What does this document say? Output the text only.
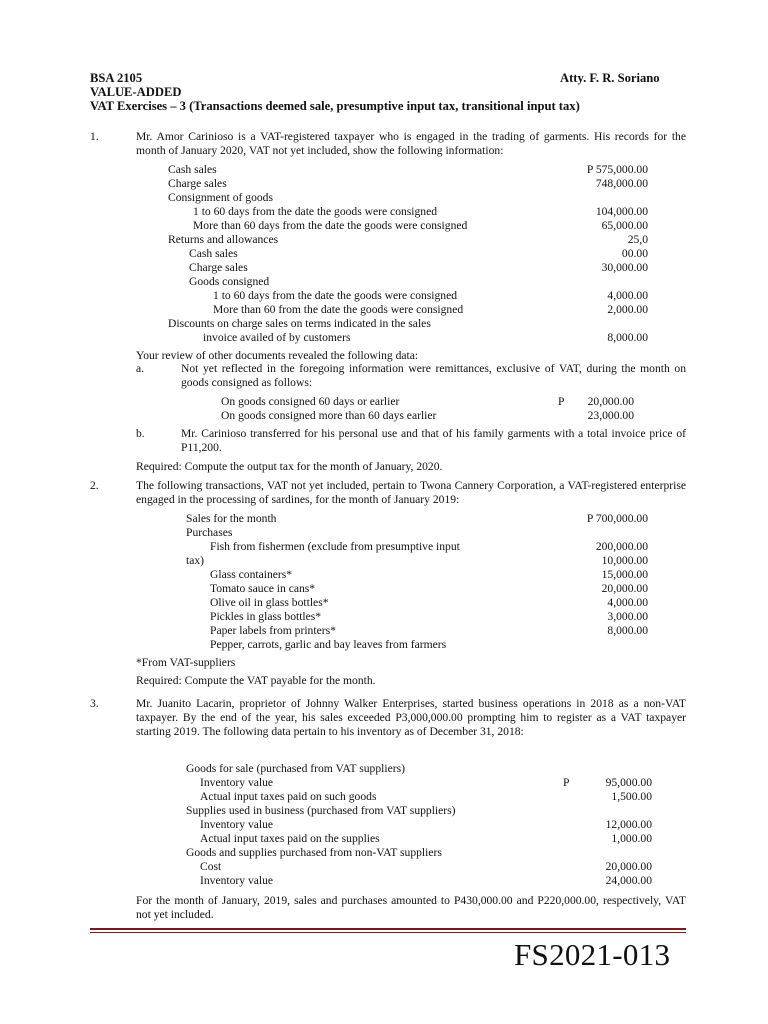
BSA 2105	Atty. F. R. Soriano
VALUE-ADDED
VAT Exercises – 3 (Transactions deemed sale, presumptive input tax, transitional input tax)
1.	Mr. Amor Carinioso is a VAT-registered taxpayer who is engaged in the trading of garments. His records for the month of January 2020, VAT not yet included, show the following information:
Cash sales	P 575,000.00
Charge sales	748,000.00
Consignment of goods
1 to 60 days from the date the goods were consigned	104,000.00
More than 60 days from the date the goods were consigned	65,000.00
Returns and allowances	25,0
Cash sales	00.00
Charge sales	30,000.00
Goods consigned
1 to 60 days from the date the goods were consigned	4,000.00
More than 60 from the date the goods were consigned	2,000.00
Discounts on charge sales on terms indicated in the sales
invoice availed of by customers	8,000.00
Your review of other documents revealed the following data:
a.	Not yet reflected in the foregoing information were remittances, exclusive of VAT, during the month on goods consigned as follows:
On goods consigned 60 days or earlier	P 20,000.00
On goods consigned more than 60 days earlier	23,000.00
b.	Mr. Carinioso transferred for his personal use and that of his family garments with a total invoice price of P11,200.
Required: Compute the output tax for the month of January, 2020.
2.	The following transactions, VAT not yet included, pertain to Twona Cannery Corporation, a VAT-registered enterprise engaged in the processing of sardines, for the month of January 2019:
Sales for the month	P 700,000.00
Purchases
Fish from fishermen (exclude from presumptive input	200,000.00
tax)	10,000.00
Glass containers*	15,000.00
Tomato sauce in cans*	20,000.00
Olive oil in glass bottles*	4,000.00
Pickles in glass bottles*	3,000.00
Paper labels from printers*	8,000.00
Pepper, carrots, garlic and bay leaves from farmers
*From VAT-suppliers
Required: Compute the VAT payable for the month.
3.	Mr. Juanito Lacarin, proprietor of Johnny Walker Enterprises, started business operations in 2018 as a non-VAT taxpayer. By the end of the year, his sales exceeded P3,000,000.00 prompting him to register as a VAT taxpayer starting 2019. The following data pertain to his inventory as of December 31, 2018:
Goods for sale (purchased from VAT suppliers)
Inventory value	P	95,000.00
Actual input taxes paid on such goods	1,500.00
Supplies used in business (purchased from VAT suppliers)
Inventory value	12,000.00
Actual input taxes paid on the supplies	1,000.00
Goods and supplies purchased from non-VAT suppliers
Cost	20,000.00
Inventory value	24,000.00
For the month of January, 2019, sales and purchases amounted to P430,000.00 and P220,000.00, respectively, VAT not yet included.
FS2021-013
